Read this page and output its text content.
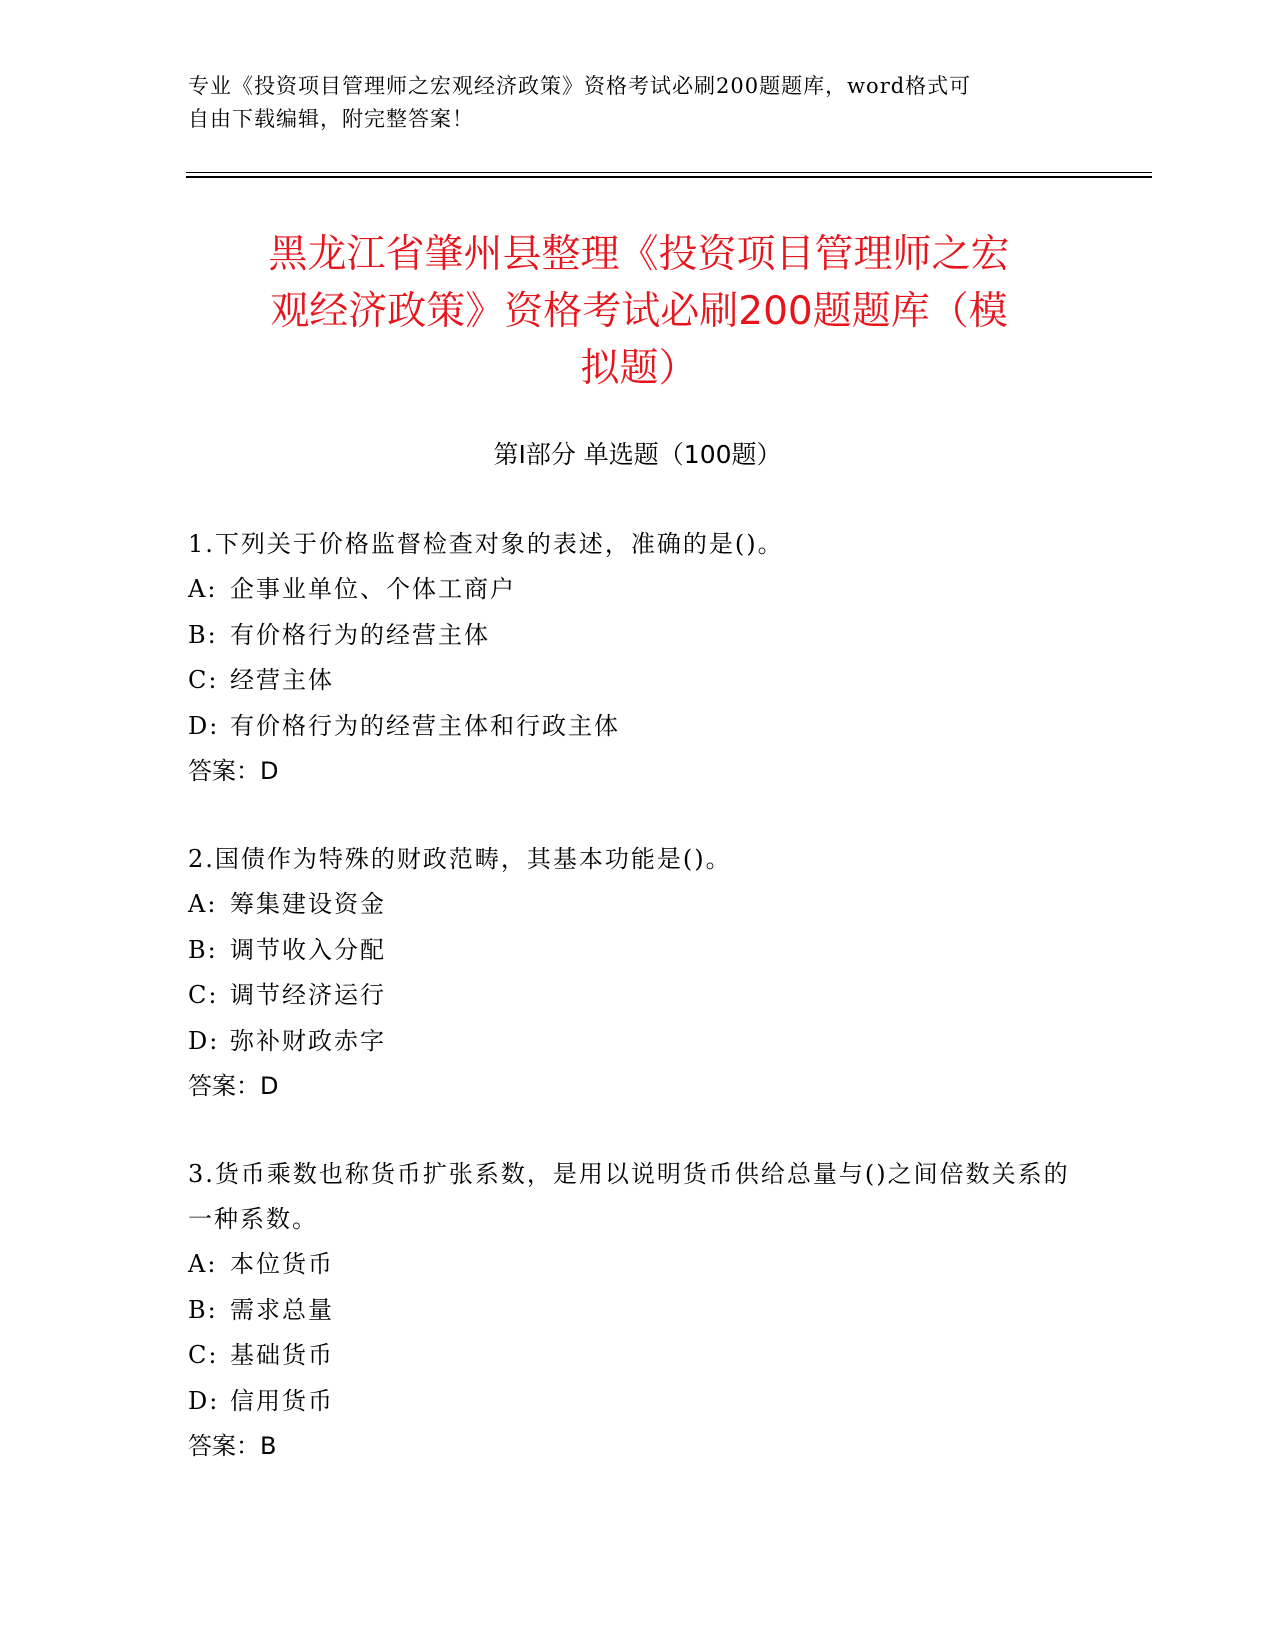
专业《投资项目管理师之宏观经济政策》资格考试必刷200题题库，word格式可
自由下载编辑，附完整答案！
黑龙江省肇州县整理《投资项目管理师之宏
观经济政策》资格考试必刷200题题库（模
拟题）
第Ⅰ部分 单选题（100题）
1.下列关于价格监督检查对象的表述，准确的是()。
A: 企事业单位、个体工商户
B: 有价格行为的经营主体
C: 经营主体
D: 有价格行为的经营主体和行政主体
答案：D
2.国债作为特殊的财政范畴，其基本功能是()。
A: 筹集建设资金
B: 调节收入分配
C: 调节经济运行
D: 弥补财政赤字
答案：D
3.货币乘数也称货币扩张系数，是用以说明货币供给总量与()之间倍数关系的一种系数。
A: 本位货币
B: 需求总量
C: 基础货币
D: 信用货币
答案：B
